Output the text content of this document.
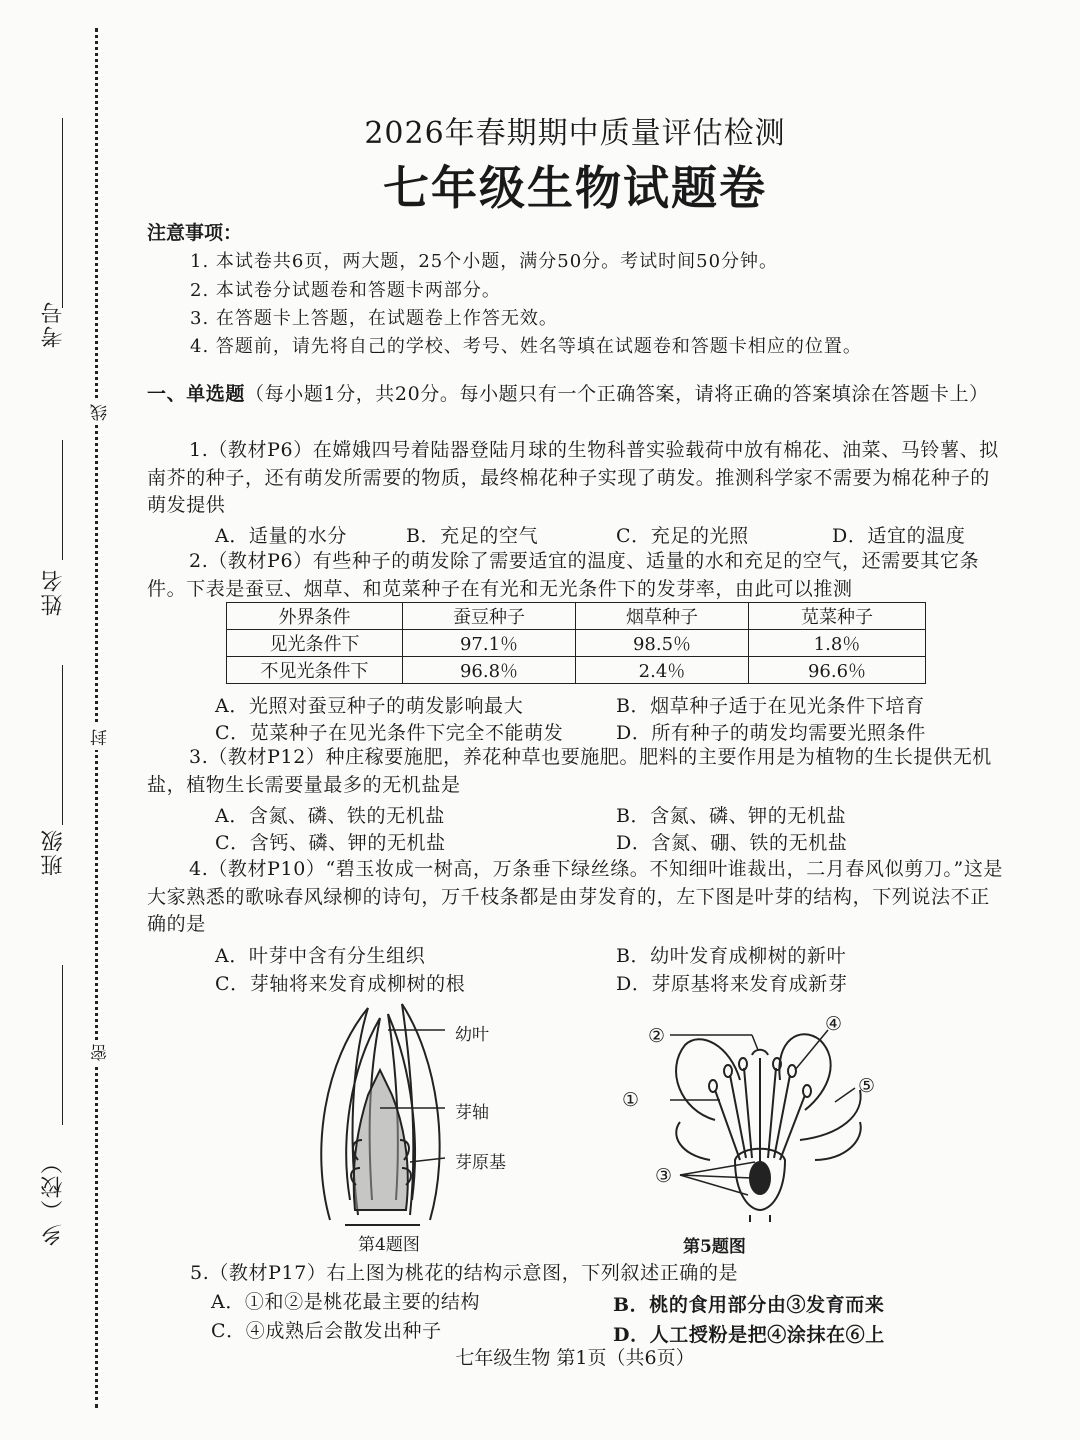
考号
姓名
班级
乡（校）
线
封
密
2026年春期期中质量评估检测
七年级生物试题卷
注意事项：
1. 本试卷共6页，两大题，25个小题，满分50分。考试时间50分钟。
2. 本试卷分试题卷和答题卡两部分。
3. 在答题卡上答题，在试题卷上作答无效。
4. 答题前，请先将自己的学校、考号、姓名等填在试题卷和答题卡相应的位置。
一、单选题（每小题1分，共20分。每小题只有一个正确答案，请将正确的答案填涂在答题卡上）
1.（教材P6）在嫦娥四号着陆器登陆月球的生物科普实验载荷中放有棉花、油菜、马铃薯、拟南芥的种子，还有萌发所需要的物质，最终棉花种子实现了萌发。推测科学家不需要为棉花种子的萌发提供
A．适量的水分	B．充足的空气	C．充足的光照	D．适宜的温度
2.（教材P6）有些种子的萌发除了需要适宜的温度、适量的水和充足的空气，还需要其它条件。下表是蚕豆、烟草、和苋菜种子在有光和无光条件下的发芽率，由此可以推测
外界条件	蚕豆种子	烟草种子	苋菜种子
见光条件下	97.1％	98.5％	1.8％
不见光条件下	96.8％	2.4％	96.6％
A．光照对蚕豆种子的萌发影响最大	B．烟草种子适于在见光条件下培育
C．苋菜种子在见光条件下完全不能萌发	D．所有种子的萌发均需要光照条件
3.（教材P12）种庄稼要施肥，养花种草也要施肥。肥料的主要作用是为植物的生长提供无机盐，植物生长需要量最多的无机盐是
A．含氮、磷、铁的无机盐	B．含氮、磷、钾的无机盐
C．含钙、磷、钾的无机盐	D．含氮、硼、铁的无机盐
4.（教材P10）“碧玉妆成一树高，万条垂下绿丝绦。不知细叶谁裁出，二月春风似剪刀。”这是大家熟悉的歌咏春风绿柳的诗句，万千枝条都是由芽发育的，左下图是叶芽的结构，下列说法不正确的是
A．叶芽中含有分生组织	B．幼叶发育成柳树的新叶
C．芽轴将来发育成柳树的根	D．芽原基将来发育成新芽
幼叶
芽轴
芽原基
第4题图
②
④
①
⑤
③
第5题图
5.（教材P17）右上图为桃花的结构示意图，下列叙述正确的是
A．①和②是桃花最主要的结构	B．桃的食用部分由③发育而来
C．④成熟后会散发出种子	D．人工授粉是把④涂抹在⑥上
七年级生物 第1页（共6页）
